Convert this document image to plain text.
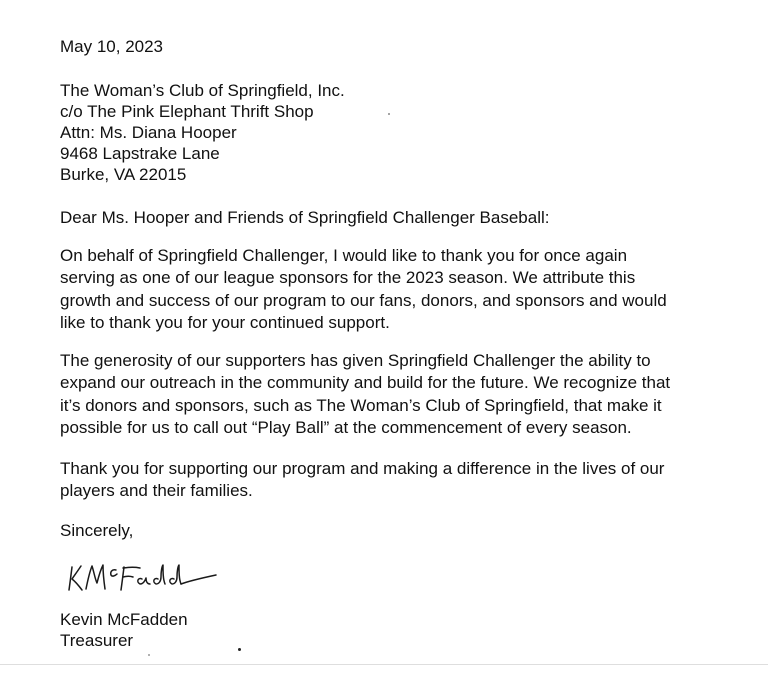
May 10, 2023

The Woman’s Club of Springfield, Inc.

c/o The Pink Elephant Thrift Shop

Attn: Ms. Diana Hooper

9468 Lapstrake Lane

Burke, VA 22015

Dear Ms. Hooper and Friends of Springfield Challenger Baseball:

On behalf of Springfield Challenger, I would like to thank you for once again
serving as one of our league sponsors for the 2023 season. We attribute this
growth and success of our program to our fans, donors, and sponsors and would
like to thank you for your continued support.
The generosity of our supporters has given Springfield Challenger the ability to
expand our outreach in the community and build for the future. We recognize that
it’s donors and sponsors, such as The Woman’s Club of Springfield, that make it
possible for us to call out “Play Ball” at the commencement of every season.
Thank you for supporting our program and making a difference in the lives of our
players and their families.

Sincerely,

Kevin McFadden

Treasurer
